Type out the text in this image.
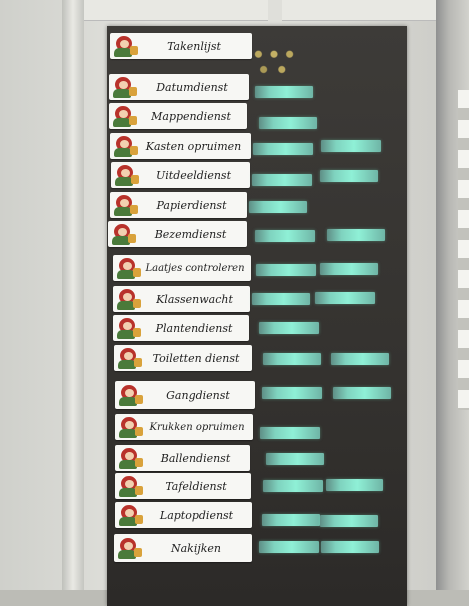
Takenlijst
Datumdienst
Mappendienst
Kasten opruimen
Uitdeeldienst
Papierdienst
Bezemdienst
Laatjes controleren
Klassenwacht
Plantendienst
Toiletten dienst
Gangdienst
Krukken opruimen
Ballendienst
Tafeldienst
Laptopdienst
Nakijken
